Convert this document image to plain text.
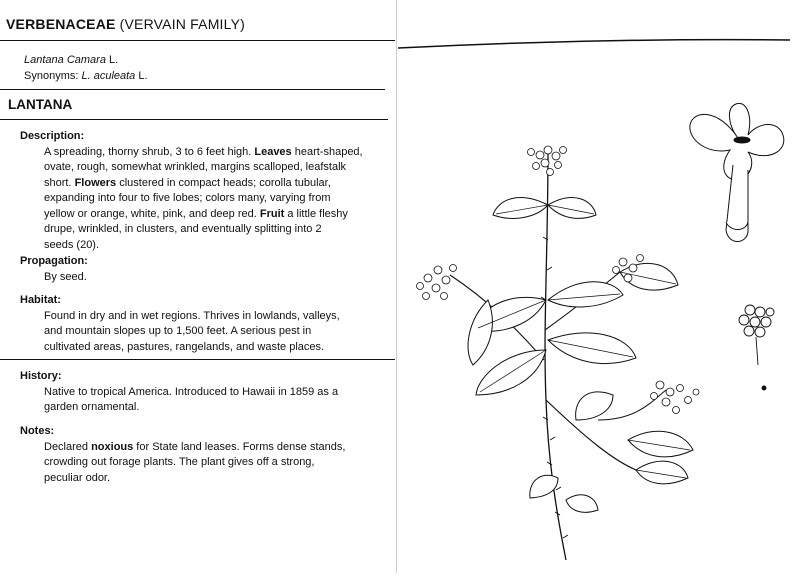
VERBENACEAE (VERVAIN FAMILY)
Lantana Camara L.
Synonyms: L. aculeata L.
LANTANA
Description:
A spreading, thorny shrub, 3 to 6 feet high. Leaves heart-shaped,
ovate, rough, somewhat wrinkled, margins scalloped, leafstalk
short. Flowers clustered in compact heads; corolla tubular,
expanding into four to five lobes; colors many, varying from
yellow or orange, white, pink, and deep red. Fruit a little fleshy
drupe, wrinkled, in clusters, and eventually splitting into 2
seeds (20).
Propagation:
By seed.
Habitat:
Found in dry and in wet regions. Thrives in lowlands, valleys,
and mountain slopes up to 1,500 feet. A serious pest in
cultivated areas, pastures, rangelands, and waste places.
History:
Native to tropical America. Introduced to Hawaii in 1859 as a
garden ornamental.
Notes:
Declared noxious for State land leases. Forms dense stands,
crowding out forage plants. The plant gives off a strong,
peculiar odor.
